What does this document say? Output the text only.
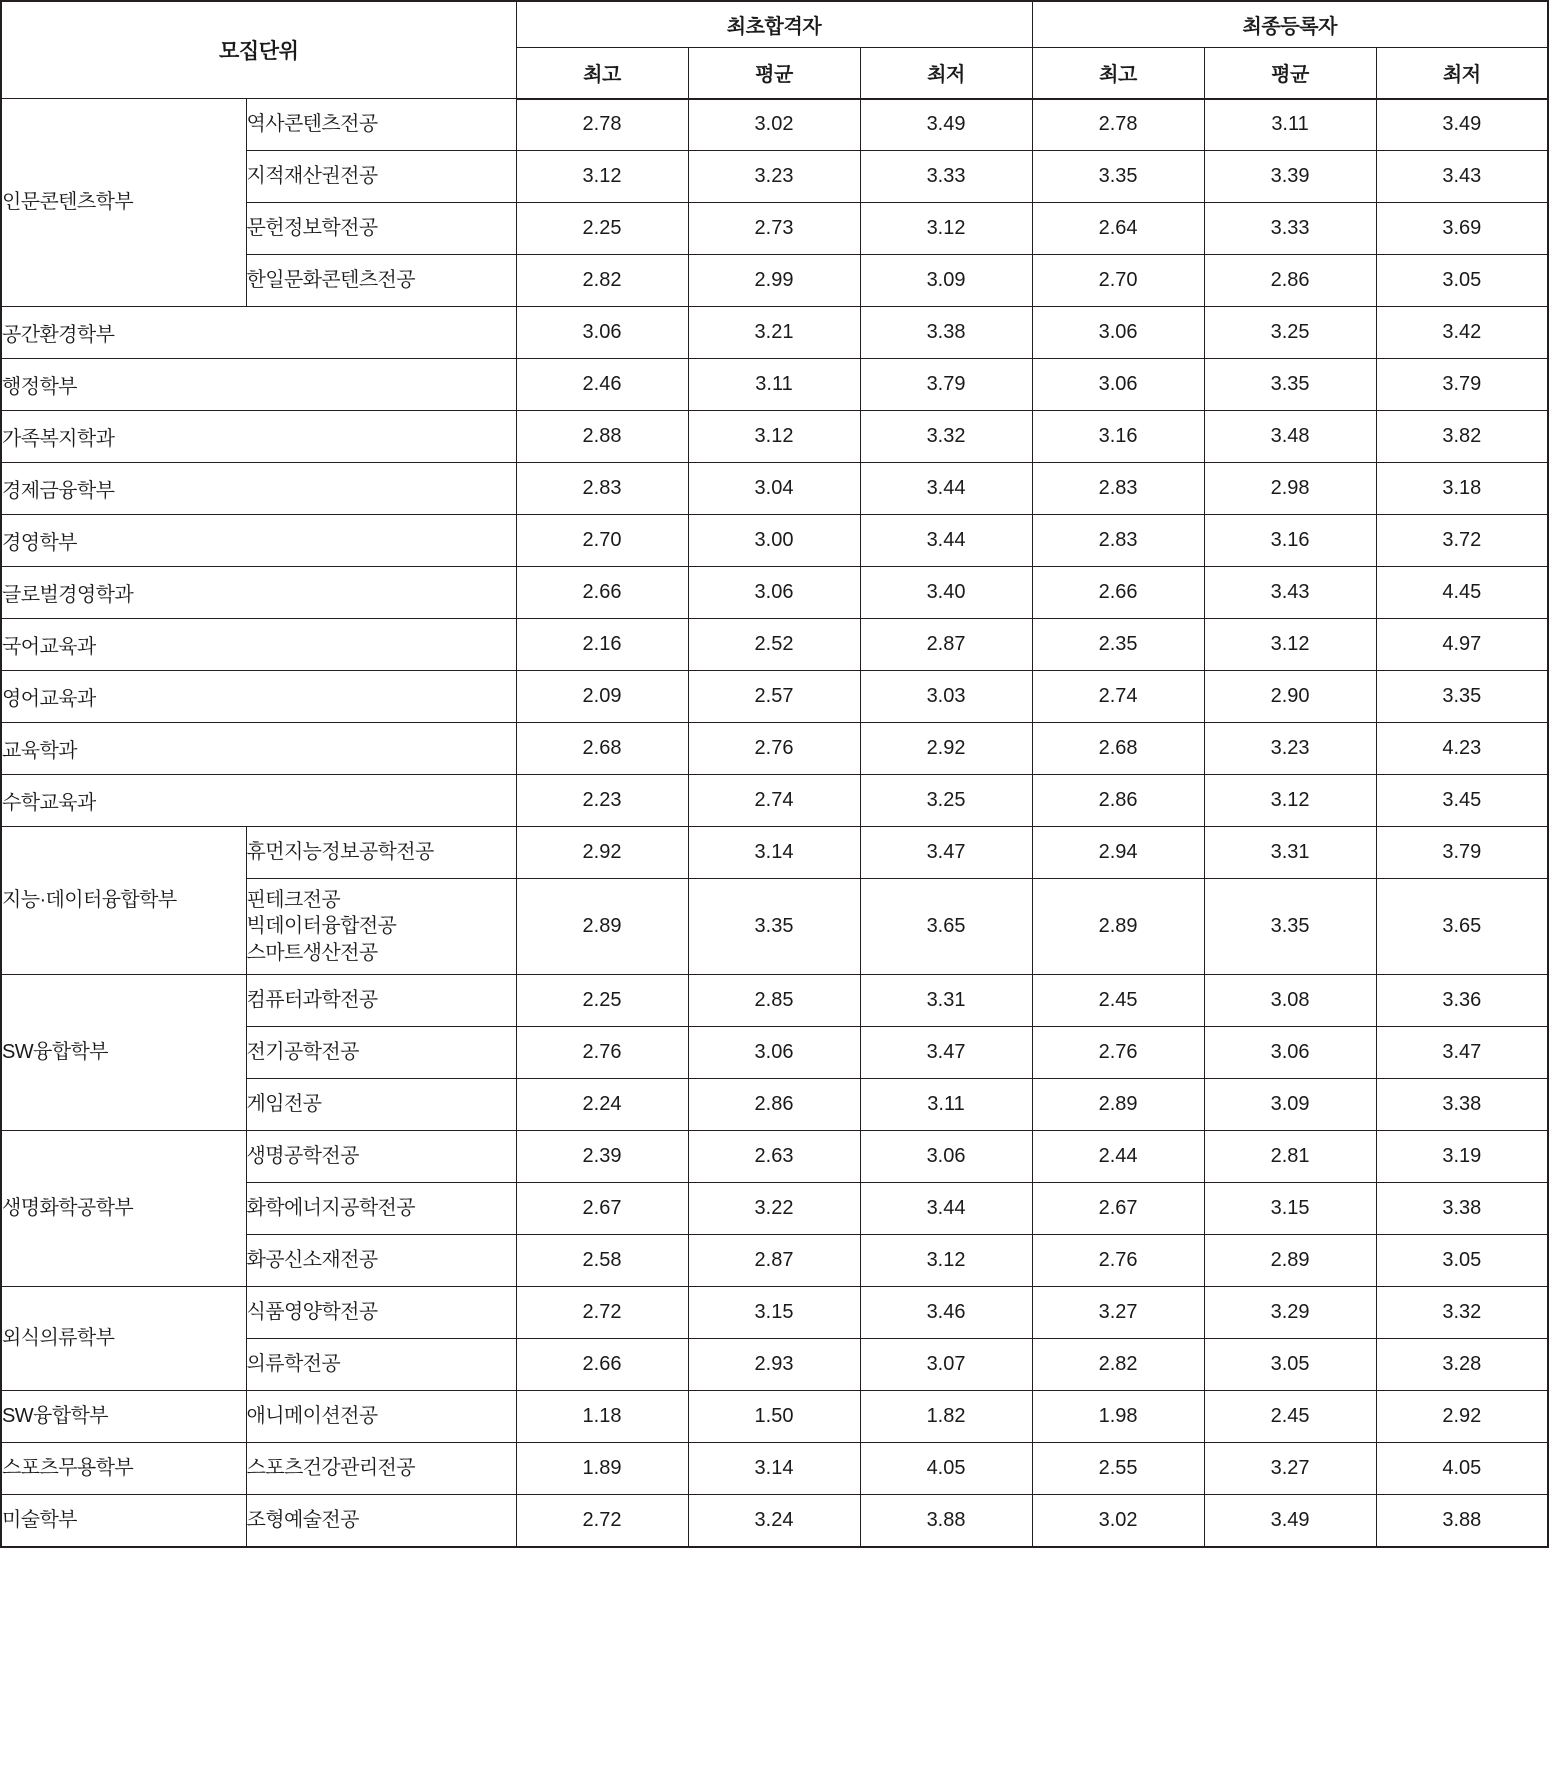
모집단위		최초합격자			최종등록자		
		최고	평균	최저	최고	평균	최저
인문콘텐츠학부	역사콘텐츠전공	2.78	3.02	3.49	2.78	3.11	3.49
	지적재산권전공	3.12	3.23	3.33	3.35	3.39	3.43
	문헌정보학전공	2.25	2.73	3.12	2.64	3.33	3.69
	한일문화콘텐츠전공	2.82	2.99	3.09	2.70	2.86	3.05
공간환경학부		3.06	3.21	3.38	3.06	3.25	3.42
행정학부		2.46	3.11	3.79	3.06	3.35	3.79
가족복지학과		2.88	3.12	3.32	3.16	3.48	3.82
경제금융학부		2.83	3.04	3.44	2.83	2.98	3.18
경영학부		2.70	3.00	3.44	2.83	3.16	3.72
글로벌경영학과		2.66	3.06	3.40	2.66	3.43	4.45
국어교육과		2.16	2.52	2.87	2.35	3.12	4.97
영어교육과		2.09	2.57	3.03	2.74	2.90	3.35
교육학과		2.68	2.76	2.92	2.68	3.23	4.23
수학교육과		2.23	2.74	3.25	2.86	3.12	3.45
지능·데이터융합학부	휴먼지능정보공학전공	2.92	3.14	3.47	2.94	3.31	3.79
	핀테크전공
빅데이터융합전공
스마트생산전공	2.89	3.35	3.65	2.89	3.35	3.65
SW융합학부	컴퓨터과학전공	2.25	2.85	3.31	2.45	3.08	3.36
	전기공학전공	2.76	3.06	3.47	2.76	3.06	3.47
	게임전공	2.24	2.86	3.11	2.89	3.09	3.38
생명화학공학부	생명공학전공	2.39	2.63	3.06	2.44	2.81	3.19
	화학에너지공학전공	2.67	3.22	3.44	2.67	3.15	3.38
	화공신소재전공	2.58	2.87	3.12	2.76	2.89	3.05
외식의류학부	식품영양학전공	2.72	3.15	3.46	3.27	3.29	3.32
	의류학전공	2.66	2.93	3.07	2.82	3.05	3.28
SW융합학부	애니메이션전공	1.18	1.50	1.82	1.98	2.45	2.92
스포츠무용학부	스포츠건강관리전공	1.89	3.14	4.05	2.55	3.27	4.05
미술학부	조형예술전공	2.72	3.24	3.88	3.02	3.49	3.88
